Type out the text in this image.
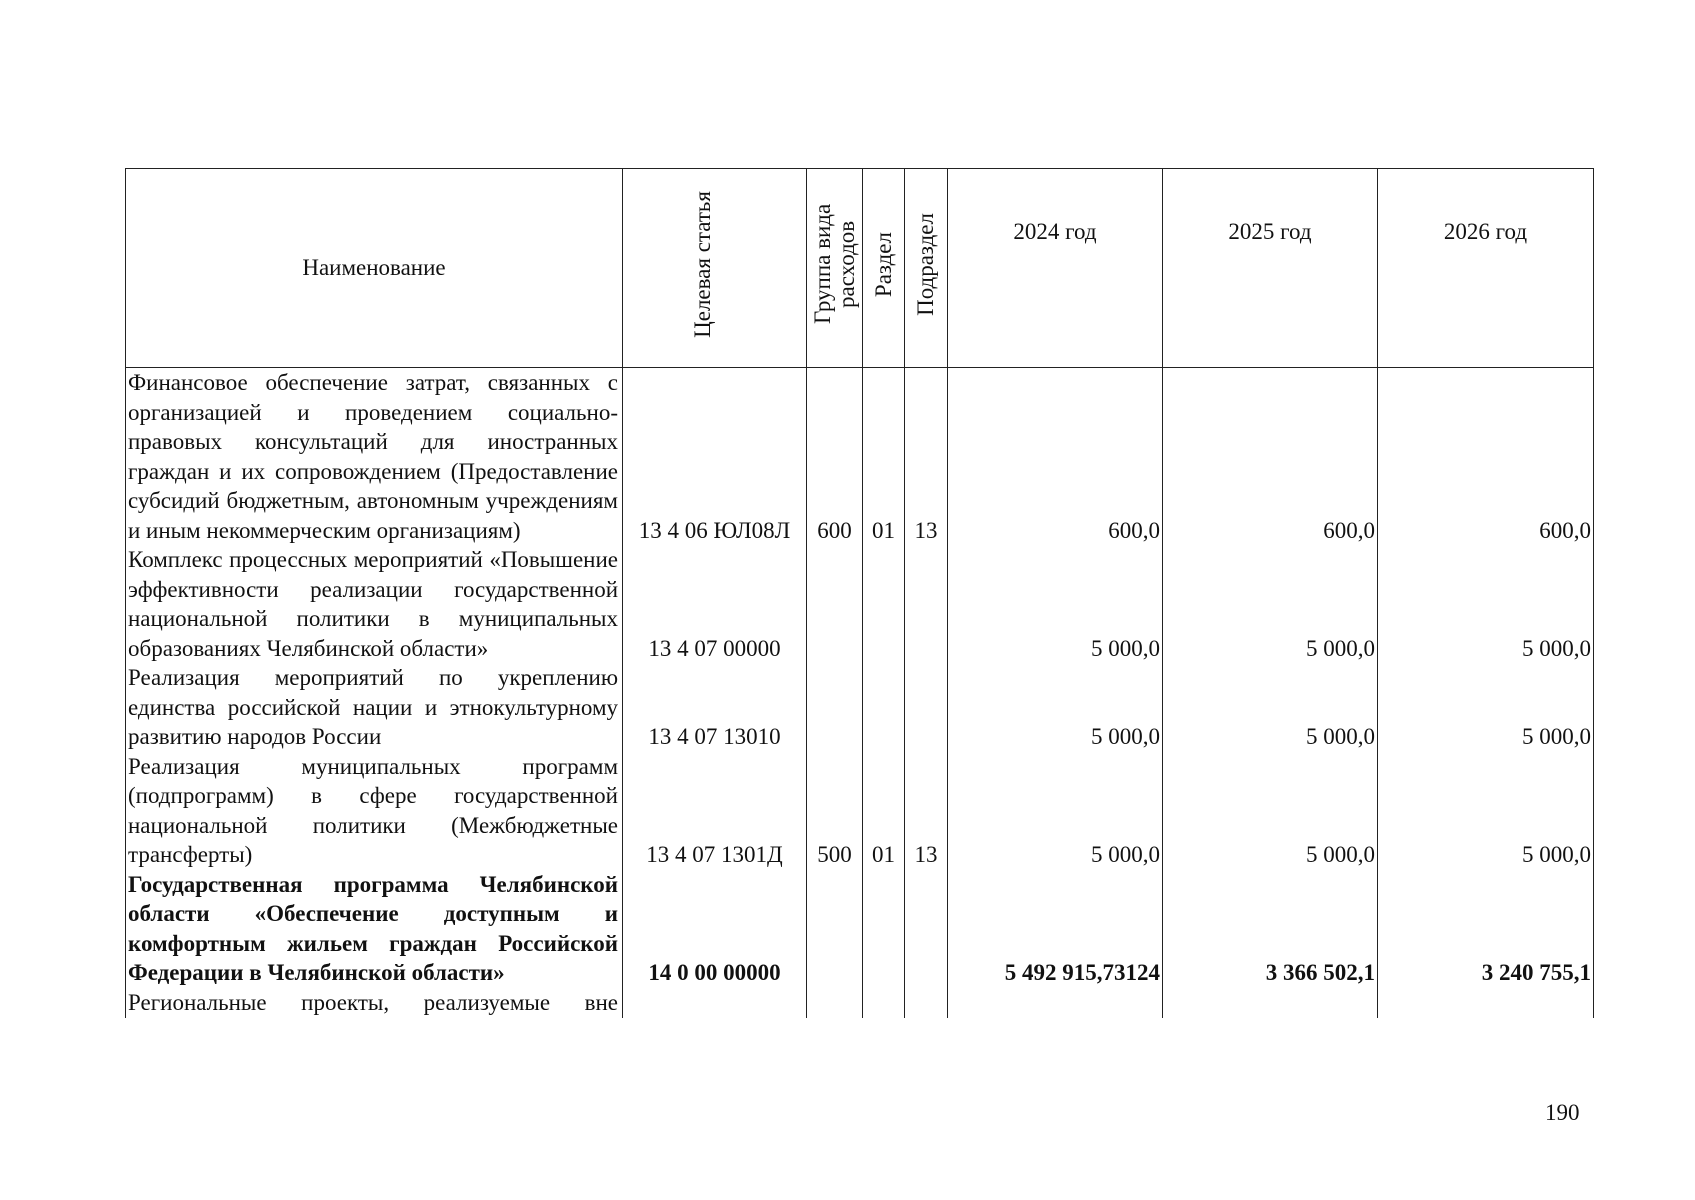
Наименование	Целевая статья	Группа вида расходов	Раздел	Подраздел	2024 год	2025 год	2026 год
Финансовое обеспечение затрат, связанных с организацией и проведением социально-правовых консультаций для иностранных граждан и их сопровождением (Предоставление субсидий бюджетным, автономным учреждениям и иным некоммерческим организациям)	13 4 06 ЮЛ08Л	600	01	13	600,0	600,0	600,0
Комплекс процессных мероприятий «Повышение эффективности реализации государственной национальной политики в муниципальных образованиях Челябинской области»	13 4 07 00000				5 000,0	5 000,0	5 000,0
Реализация мероприятий по укреплению единства российской нации и этнокультурному развитию народов России	13 4 07 13010				5 000,0	5 000,0	5 000,0
Реализация муниципальных программ (подпрограмм) в сфере государственной национальной политики (Межбюджетные трансферты)	13 4 07 1301Д	500	01	13	5 000,0	5 000,0	5 000,0
Государственная программа Челябинской области «Обеспечение доступным и комфортным жильем граждан Российской Федерации в Челябинской области»	14 0 00 00000				5 492 915,73124	3 366 502,1	3 240 755,1
Региональные проекты, реализуемые вне							
190
